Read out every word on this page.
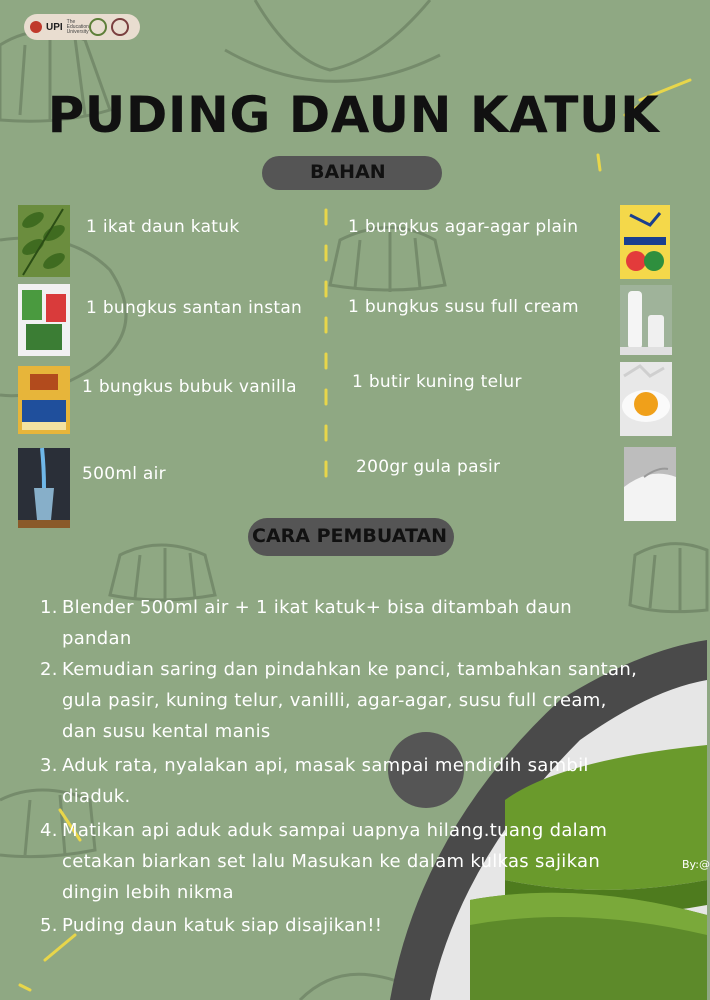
UPI The Education University
PUDING DAUN KATUK
BAHAN
1 ikat daun katuk
1 bungkus santan instan
1 bungkus bubuk vanilla
500ml air
1 bungkus agar-agar plain
1 bungkus susu full cream
1 butir kuning telur
200gr gula pasir
CARA PEMBUATAN
1. Blender 500ml air + 1 ikat katuk+ bisa ditambah daun
pandan
2. Kemudian saring dan pindahkan ke panci, tambahkan santan,
gula pasir, kuning telur, vanilli, agar-agar, susu full cream,
dan susu kental manis
3. Aduk rata, nyalakan api, masak sampai mendidih sambil
diaduk.
4. Matikan api aduk aduk sampai uapnya hilang.tuang dalam
cetakan biarkan set lalu Masukan ke dalam kulkas sajikan
dingin lebih nikma
5. Puding daun katuk siap disajikan!!
By:@
